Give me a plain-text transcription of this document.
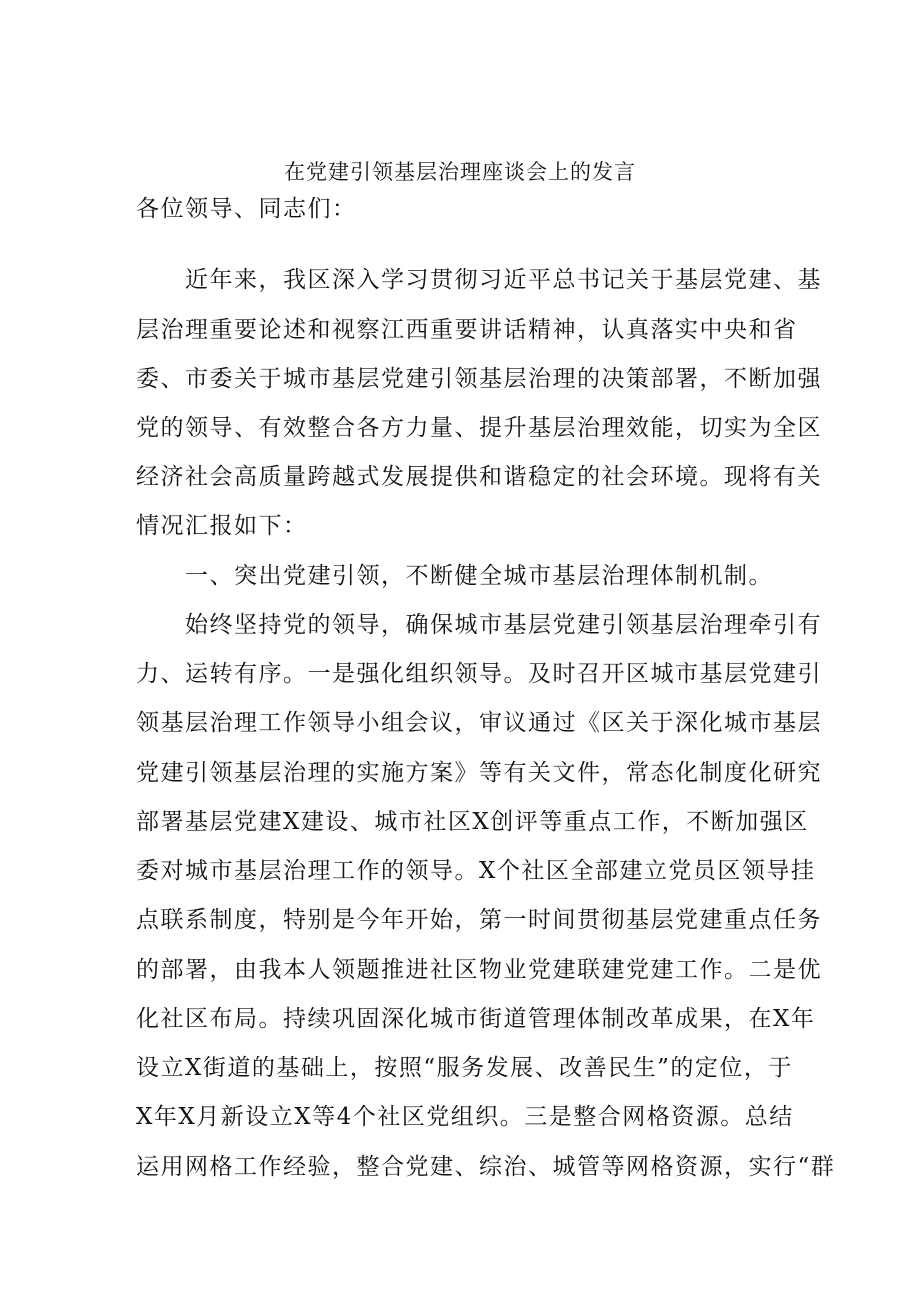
在党建引领基层治理座谈会上的发言
各位领导、同志们：
近年来，我区深入学习贯彻习近平总书记关于基层党建、基
层治理重要论述和视察江西重要讲话精神，认真落实中央和省
委、市委关于城市基层党建引领基层治理的决策部署，不断加强
党的领导、有效整合各方力量、提升基层治理效能，切实为全区
经济社会高质量跨越式发展提供和谐稳定的社会环境。现将有关
情况汇报如下：
一、突出党建引领，不断健全城市基层治理体制机制。
始终坚持党的领导，确保城市基层党建引领基层治理牵引有
力、运转有序。一是强化组织领导。及时召开区城市基层党建引
领基层治理工作领导小组会议，审议通过《区关于深化城市基层
党建引领基层治理的实施方案》等有关文件，常态化制度化研究
部署基层党建X建设、城市社区X创评等重点工作，不断加强区
委对城市基层治理工作的领导。X个社区全部建立党员区领导挂
点联系制度，特别是今年开始，第一时间贯彻基层党建重点任务
的部署，由我本人领题推进社区物业党建联建党建工作。二是优
化社区布局。持续巩固深化城市街道管理体制改革成果，在X年
设立X街道的基础上，按照“服务发展、改善民生”的定位，于
X年X月新设立X等4个社区党组织。三是整合网格资源。总结
运用网格工作经验，整合党建、综治、城管等网格资源，实行“群
